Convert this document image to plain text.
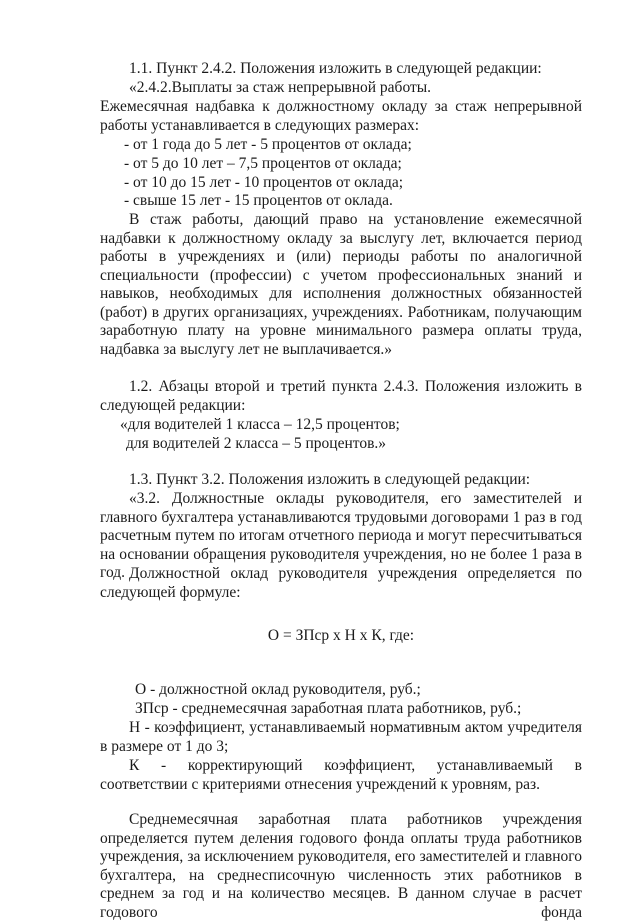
1.1. Пункт 2.4.2. Положения изложить в следующей редакции:

«2.4.2.Выплаты за стаж непрерывной работы.

Ежемесячная надбавка к должностному окладу за стаж непрерывной работы устанавливается в следующих размерах:

- от 1 года до 5 лет - 5 процентов от оклада;

- от 5 до 10 лет – 7,5 процентов от оклада;

- от 10 до 15 лет - 10 процентов от оклада;

- свыше 15 лет - 15 процентов от оклада.

В стаж работы, дающий право на установление ежемесячной надбавки к должностному окладу за выслугу лет, включается период работы в учреждениях и (или) периоды работы по аналогичной специальности (профессии) с учетом профессиональных знаний и навыков, необходимых для исполнения должностных обязанностей (работ) в других организациях, учреждениях. Работникам, получающим заработную плату на уровне минимального размера оплаты труда, надбавка за выслугу лет не выплачивается.»

1.2. Абзацы второй и третий пункта 2.4.3. Положения изложить в следующей редакции:

«для водителей 1 класса – 12,5 процентов;

для водителей 2 класса – 5 процентов.»

1.3. Пункт 3.2. Положения изложить в следующей редакции:

«3.2. Должностные оклады руководителя, его заместителей и главного бухгалтера устанавливаются трудовыми договорами 1 раз в год расчетным путем по итогам отчетного периода и могут пересчитываться на основании обращения руководителя учреждения, но не более 1 раза в год. Должностной оклад руководителя учреждения определяется по следующей формуле:

О = ЗПср х Н х К, где:

О - должностной оклад руководителя, руб.;

ЗПср - среднемесячная заработная плата работников, руб.;

Н - коэффициент, устанавливаемый нормативным актом учредителя в размере от 1 до 3;

К - корректирующий коэффициент, устанавливаемый в соответствии с критериями отнесения учреждений к уровням, раз.

Среднемесячная заработная плата работников учреждения определяется путем деления годового фонда оплаты труда работников учреждения, за исключением руководителя, его заместителей и главного бухгалтера, на среднесписочную численность этих работников в среднем за год и на количество месяцев. В данном случае в расчет годового фонда
